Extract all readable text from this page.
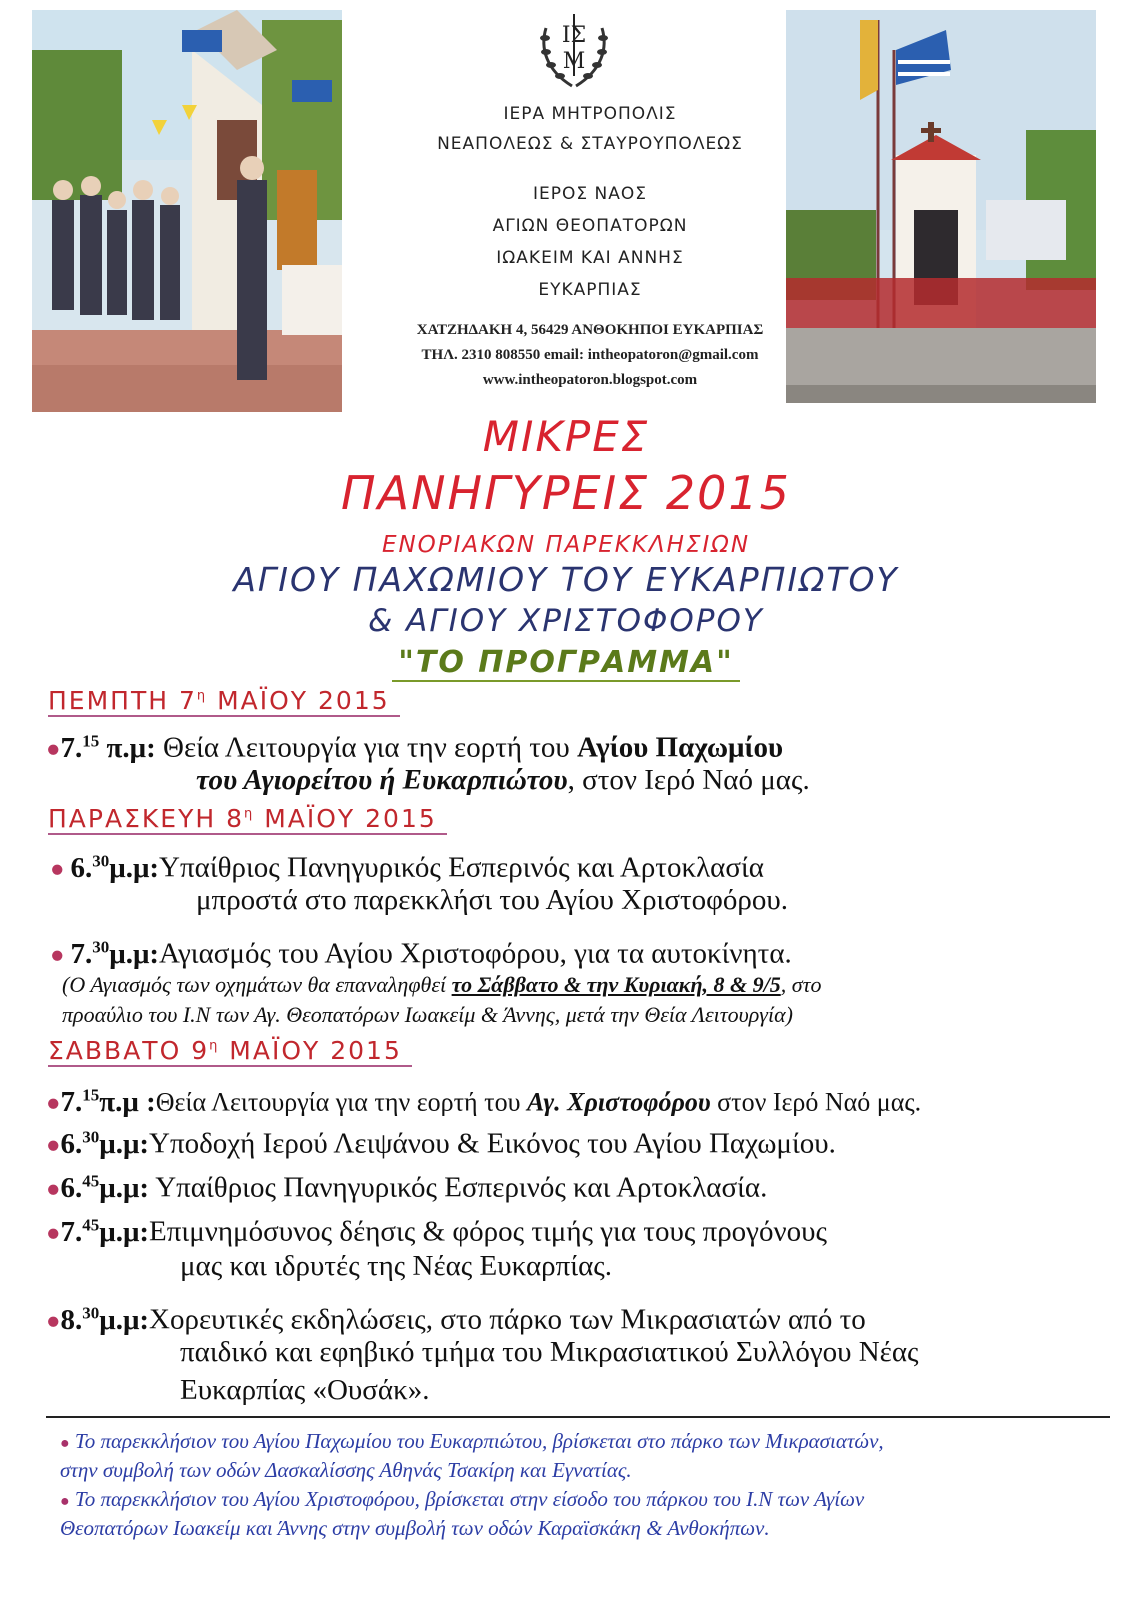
ΙΣ
Μ
ΙΕΡΑ ΜΗΤΡΟΠΟΛΙΣ
ΝΕΑΠΟΛΕΩΣ & ΣΤΑΥΡΟΥΠΟΛΕΩΣ
ΙΕΡΟΣ ΝΑΟΣ
ΑΓΙΩΝ ΘΕΟΠΑΤΟΡΩΝ
ΙΩΑΚΕΙΜ ΚΑΙ ΑΝΝΗΣ
ΕΥΚΑΡΠΙΑΣ
ΧΑΤΖΗΔΑΚΗ 4, 56429 ΑΝΘΟΚΗΠΟΙ ΕΥΚΑΡΠΙΑΣ
ΤΗΛ. 2310 808550 email: intheopatoron@gmail.com
www.intheopatoron.blogspot.com
ΜΙΚΡΕΣ
ΠΑΝΗΓΥΡΕΙΣ 2015
ΕΝΟΡΙΑΚΩΝ ΠΑΡΕΚΚΛΗΣΙΩΝ
ΑΓΙΟΥ ΠΑΧΩΜΙΟΥ ΤΟΥ ΕΥΚΑΡΠΙΩΤΟΥ
& ΑΓΙΟΥ ΧΡΙΣΤΟΦΟΡΟΥ
"ΤΟ ΠΡΟΓΡΑΜΜΑ"
ΠΕΜΠΤΗ $7^\eta$ ΜΑΪΟΥ 2015
●7.15 π.μ: Θεία Λειτουργία για την εορτή του Αγίου Παχωμίου
του Αγιορείτου ή Ευκαρπιώτου, στον Ιερό Ναό μας.
ΠΑΡΑΣΚΕΥΗ $8^\eta$ ΜΑΪΟΥ 2015
● 6.30μ.μ:Υπαίθριος Πανηγυρικός Εσπερινός και Αρτοκλασία
μπροστά στο παρεκκλήσι του Αγίου Χριστοφόρου.
● 7.30μ.μ:Αγιασμός του Αγίου Χριστοφόρου, για τα αυτοκίνητα.
(Ο Αγιασμός των οχημάτων θα επαναληφθεί το Σάββατο & την Κυριακή, 8 & 9/5, στο
προαύλιο του Ι.Ν των Αγ. Θεοπατόρων Ιωακείμ & Άννης, μετά την Θεία Λειτουργία)
ΣΑΒΒΑΤΟ $9^\eta$ ΜΑΪΟΥ 2015
●7.15π.μ :Θεία Λειτουργία για την εορτή του Αγ. Χριστοφόρου στον Ιερό Ναό μας.
●6.30μ.μ:Υποδοχή Ιερού Λειψάνου & Εικόνος του Αγίου Παχωμίου.
●6.45μ.μ: Υπαίθριος Πανηγυρικός Εσπερινός και Αρτοκλασία.
●7.45μ.μ:Επιμνημόσυνος δέησις & φόρος τιμής για τους προγόνους
μας και ιδρυτές της Νέας Ευκαρπίας.
●8.30μ.μ:Χορευτικές εκδηλώσεις, στο πάρκο των Μικρασιατών από το
παιδικό και εφηβικό τμήμα του Μικρασιατικού Συλλόγου Νέας
Ευκαρπίας «Ουσάκ».
● Το παρεκκλήσιον του Αγίου Παχωμίου του Ευκαρπιώτου, βρίσκεται στο πάρκο των Μικρασιατών,
στην συμβολή των οδών Δασκαλίσσης Αθηνάς Τσακίρη και Εγνατίας.
● Το παρεκκλήσιον του Αγίου Χριστοφόρου, βρίσκεται στην είσοδο του πάρκου του Ι.Ν των Αγίων
Θεοπατόρων Ιωακείμ και Άννης στην συμβολή των οδών Καραϊσκάκη & Ανθοκήπων.
